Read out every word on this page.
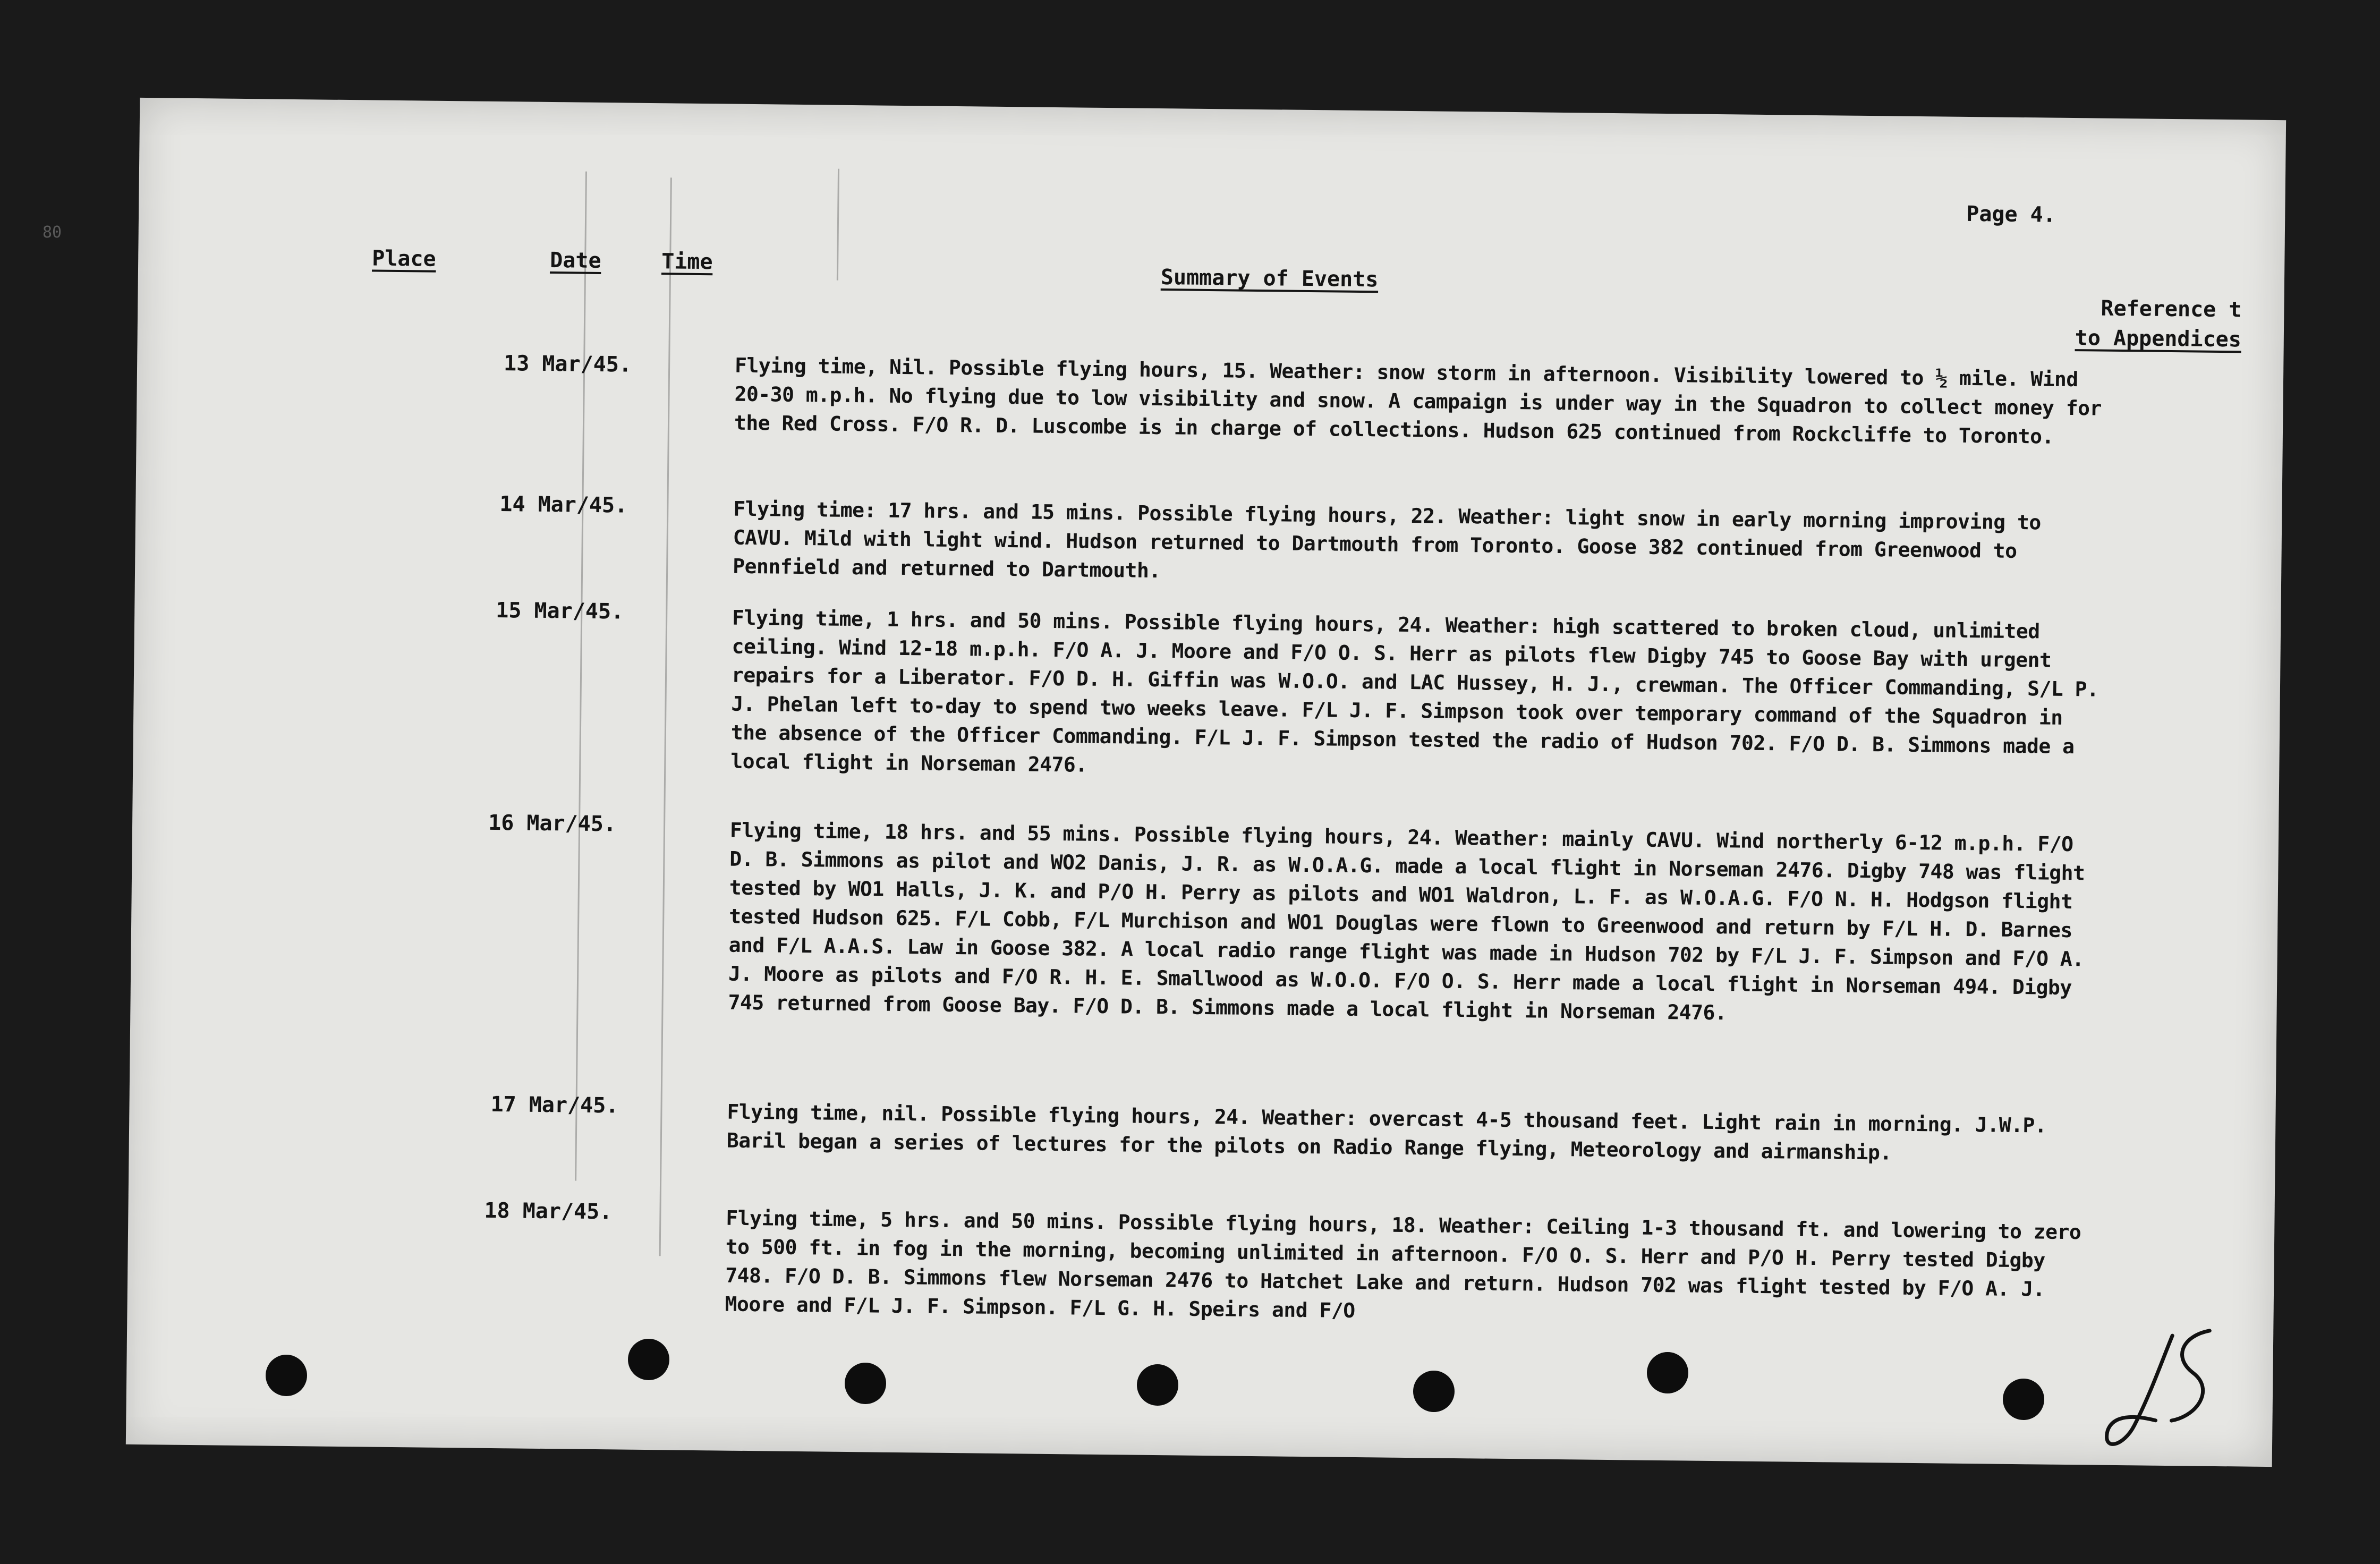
80
Page 4.
Place	Date	Time
Summary of Events
Reference t
to Appendices
13 Mar/45.	Flying time, Nil. Possible flying hours, 15. Weather: snow storm in afternoon. Visibility lowered to ½ mile. Wind 20-30 m.p.h. No flying due to low visibility and snow. A campaign is under way in the Squadron to collect money for the Red Cross. F/O R. D. Luscombe is in charge of collections. Hudson 625 continued from Rockcliffe to Toronto.
14 Mar/45.	Flying time: 17 hrs. and 15 mins. Possible flying hours, 22. Weather: light snow in early morning improving to CAVU. Mild with light wind. Hudson returned to Dartmouth from Toronto. Goose 382 continued from Greenwood to Pennfield and returned to Dartmouth.
15 Mar/45.	Flying time, 1 hrs. and 50 mins. Possible flying hours, 24. Weather: high scattered to broken cloud, unlimited ceiling. Wind 12-18 m.p.h. F/O A. J. Moore and F/O O. S. Herr as pilots flew Digby 745 to Goose Bay with urgent repairs for a Liberator. F/O D. H. Giffin was W.O.O. and LAC Hussey, H. J., crewman. The Officer Commanding, S/L P. J. Phelan left to-day to spend two weeks leave. F/L J. F. Simpson took over temporary command of the Squadron in the absence of the Officer Commanding. F/L J. F. Simpson tested the radio of Hudson 702. F/O D. B. Simmons made a local flight in Norseman 2476.
16 Mar/45.	Flying time, 18 hrs. and 55 mins. Possible flying hours, 24. Weather: mainly CAVU. Wind northerly 6-12 m.p.h. F/O D. B. Simmons as pilot and WO2 Danis, J. R. as W.O.A.G. made a local flight in Norseman 2476. Digby 748 was flight tested by WO1 Halls, J. K. and P/O H. Perry as pilots and WO1 Waldron, L. F. as W.O.A.G. F/O N. H. Hodgson flight tested Hudson 625. F/L Cobb, F/L Murchison and WO1 Douglas were flown to Greenwood and return by F/L H. D. Barnes and F/L A.A.S. Law in Goose 382. A local radio range flight was made in Hudson 702 by F/L J. F. Simpson and F/O A. J. Moore as pilots and F/O R. H. E. Smallwood as W.O.O. F/O O. S. Herr made a local flight in Norseman 494. Digby 745 returned from Goose Bay. F/O D. B. Simmons made a local flight in Norseman 2476.
17 Mar/45.	Flying time, nil. Possible flying hours, 24. Weather: overcast 4-5 thousand feet. Light rain in morning. J.W.P. Baril began a series of lectures for the pilots on Radio Range flying, Meteorology and airmanship.
18 Mar/45.	Flying time, 5 hrs. and 50 mins. Possible flying hours, 18. Weather: Ceiling 1-3 thousand ft. and lowering to zero to 500 ft. in fog in the morning, becoming unlimited in afternoon. F/O O. S. Herr and P/O H. Perry tested Digby 748. F/O D. B. Simmons flew Norseman 2476 to Hatchet Lake and return. Hudson 702 was flight tested by F/O A. J. Moore and F/L J. F. Simpson. F/L G. H. Speirs and F/O
